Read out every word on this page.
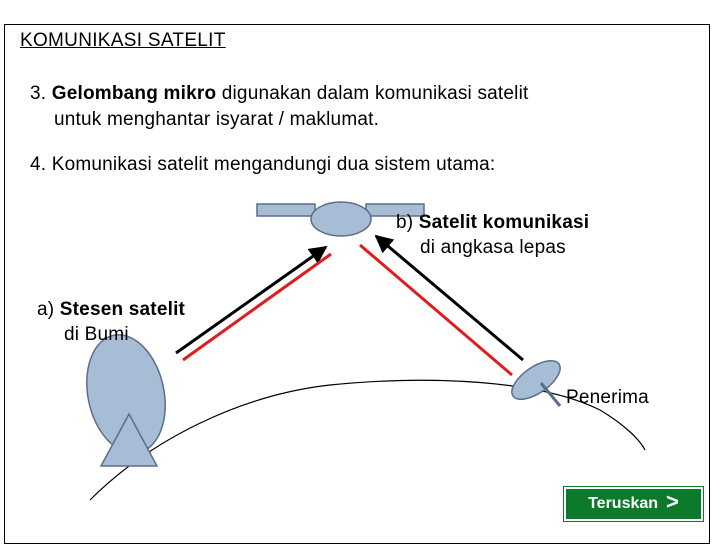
KOMUNIKASI SATELIT
3. Gelombang mikro digunakan dalam komunikasi satelit
untuk menghantar isyarat / maklumat.
4. Komunikasi satelit mengandungi dua sistem utama:
b) Satelit komunikasi
di angkasa lepas
a) Stesen satelit
di Bumi
Penerima
Teruskan >
